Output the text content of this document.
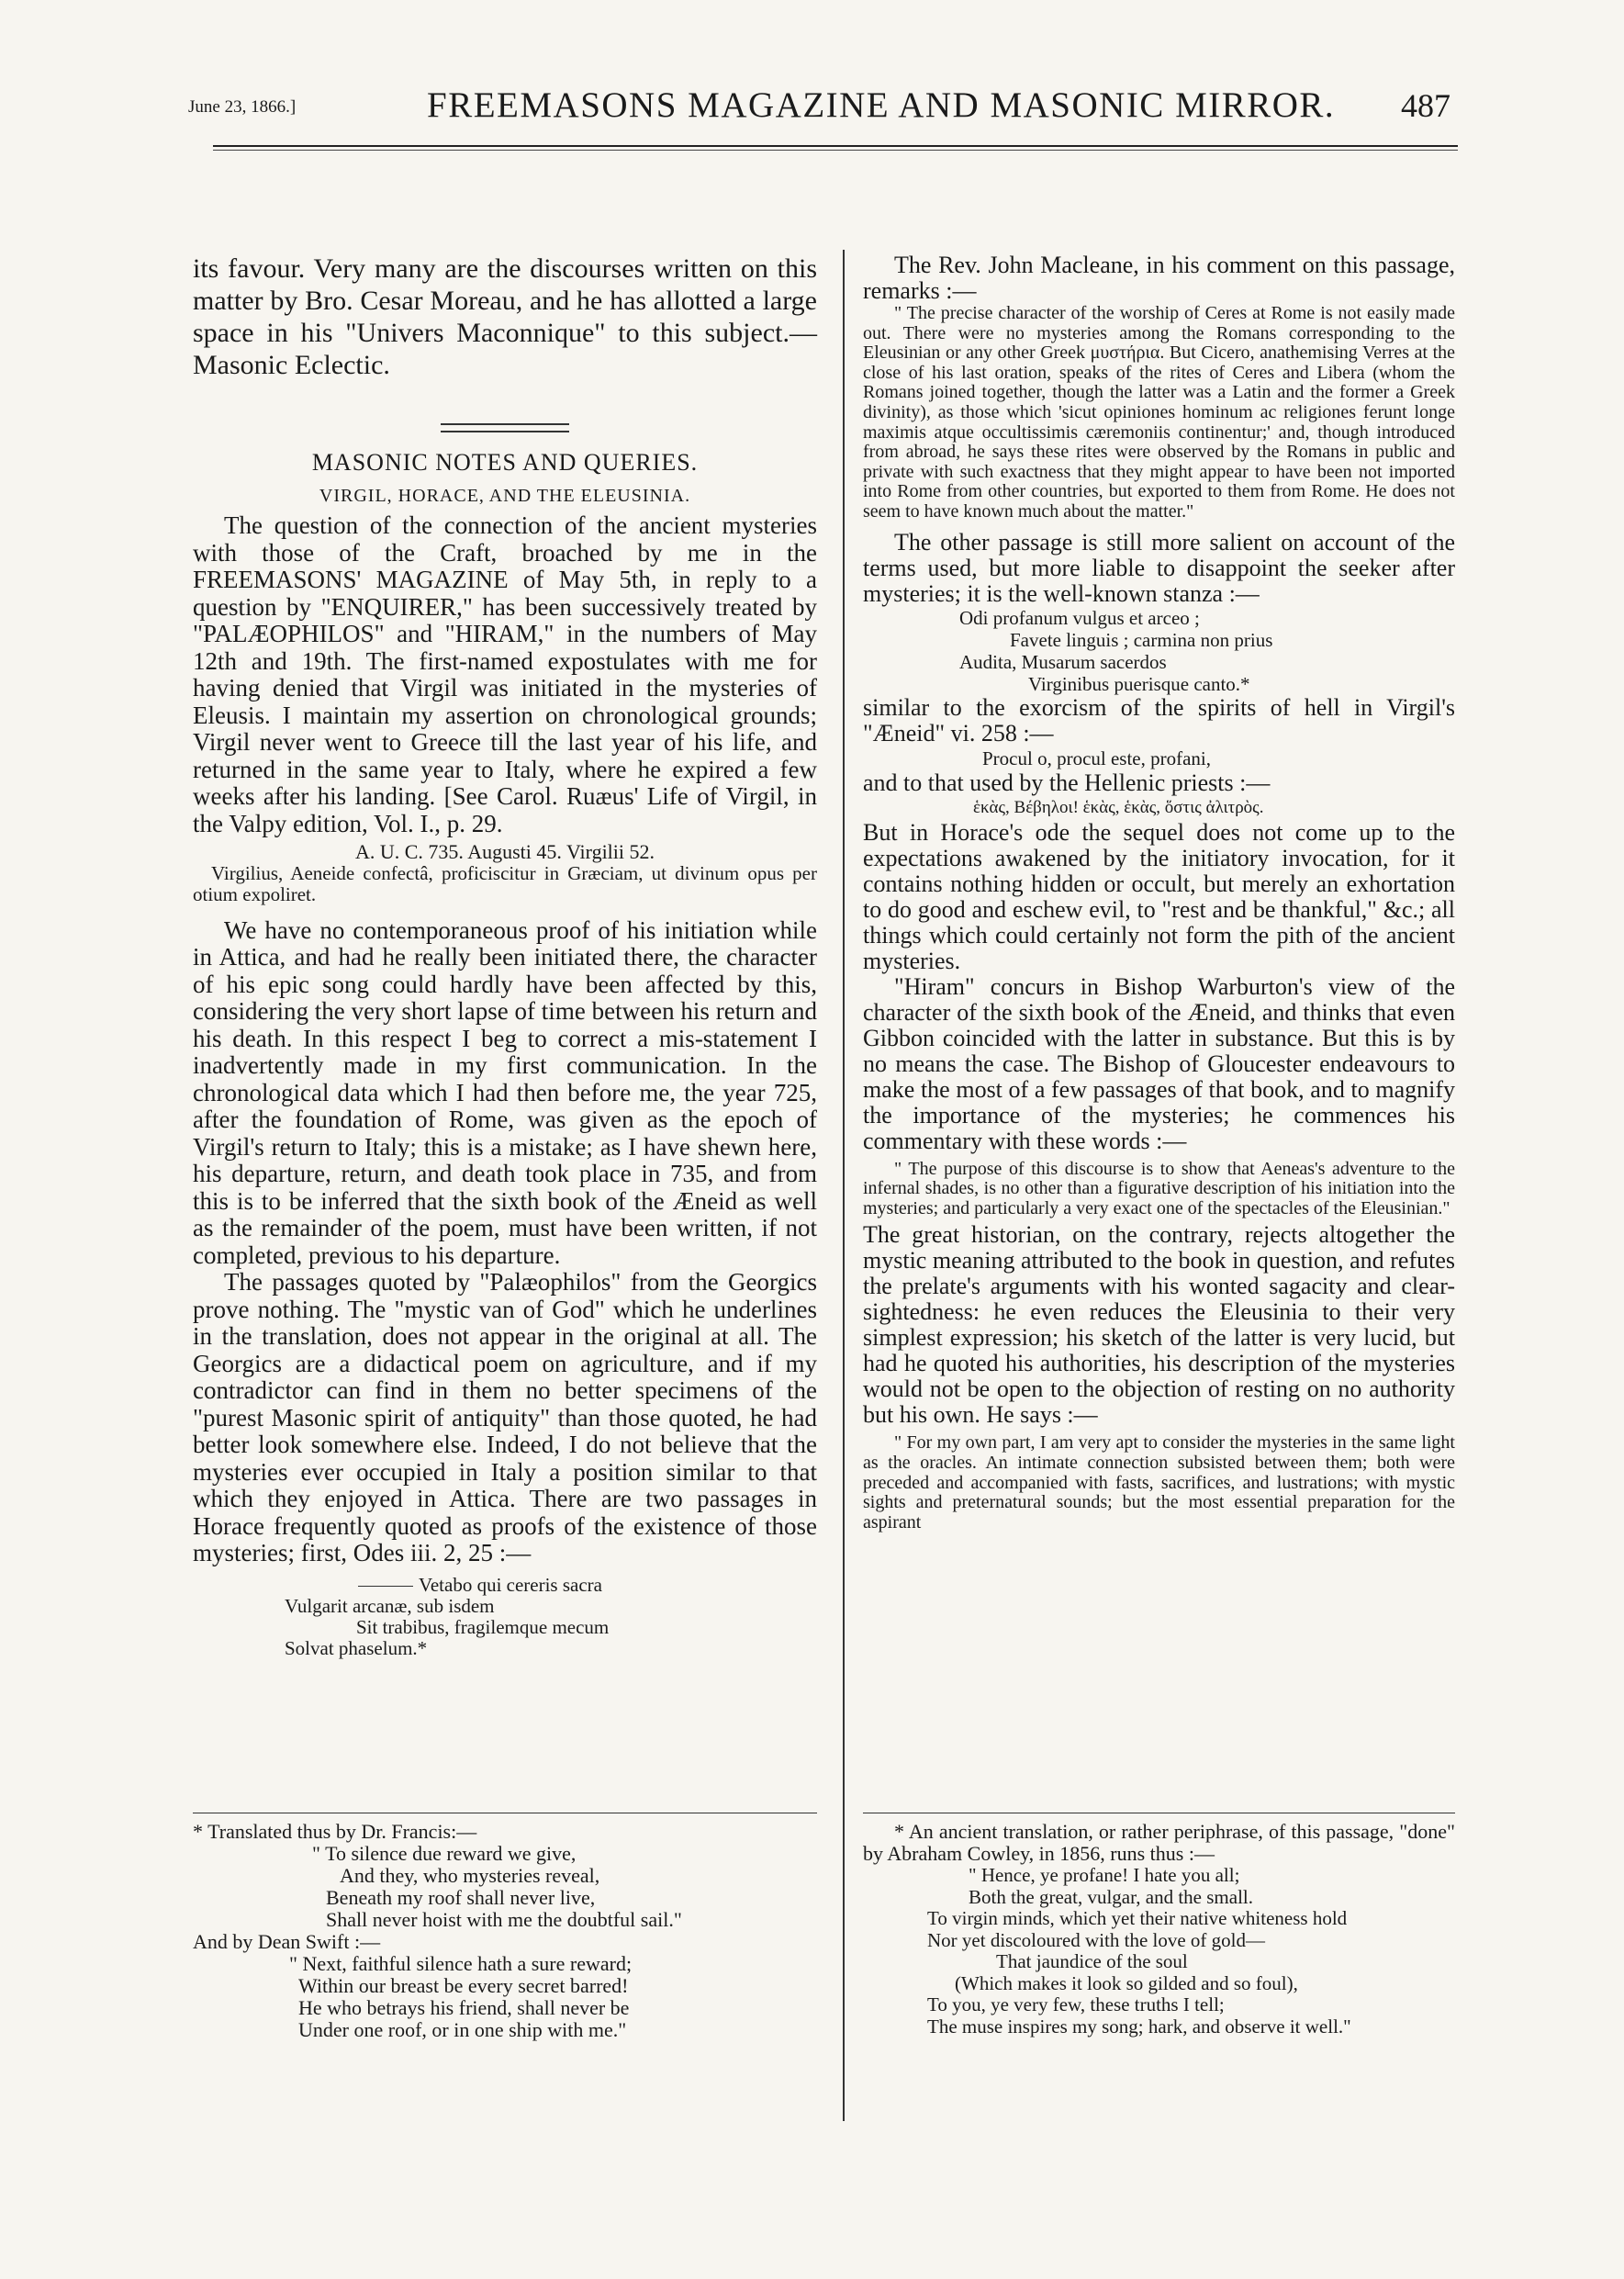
June 23, 1866.]	FREEMASONS MAGAZINE AND MASONIC MIRROR. 487

its favour. Very many are the discourses written on this matter by Bro. Cesar Moreau, and he has allotted a large space in his "Univers Maconnique" to this subject.—Masonic Eclectic.

MASONIC NOTES AND QUERIES.
VIRGIL, HORACE, AND THE ELEUSINIA.

The question of the connection of the ancient mysteries with those of the Craft, broached by me in the FREEMASONS' MAGAZINE of May 5th, in reply to a question by "ENQUIRER," has been successively treated by "PALÆOPHILOS" and "HIRAM," in the numbers of May 12th and 19th. The first-named expostulates with me for having denied that Virgil was initiated in the mysteries of Eleusis. I maintain my assertion on chronological grounds; Virgil never went to Greece till the last year of his life, and returned in the same year to Italy, where he expired a few weeks after his landing. [See Carol. Ruæus' Life of Virgil, in the Valpy edition, Vol. I., p. 29.

A. U. C. 735. Augusti 45. Virgilii 52.

Virgilius, Aeneide confectâ, proficiscitur in Græciam, ut divinum opus per otium expoliret.

We have no contemporaneous proof of his initiation while in Attica, and had he really been initiated there, the character of his epic song could hardly have been affected by this, considering the very short lapse of time between his return and his death. In this respect I beg to correct a mis-statement I inadvertently made in my first communication. In the chronological data which I had then before me, the year 725, after the foundation of Rome, was given as the epoch of Virgil's return to Italy; this is a mistake; as I have shewn here, his departure, return, and death took place in 735, and from this is to be inferred that the sixth book of the Æneid as well as the remainder of the poem, must have been written, if not completed, previous to his departure.

The passages quoted by "Palæophilos" from the Georgics prove nothing. The "mystic van of God" which he underlines in the translation, does not appear in the original at all. The Georgics are a didactical poem on agriculture, and if my contradictor can find in them no better specimens of the "purest Masonic spirit of antiquity" than those quoted, he had better look somewhere else. Indeed, I do not believe that the mysteries ever occupied in Italy a position similar to that which they enjoyed in Attica. There are two passages in Horace frequently quoted as proofs of the existence of those mysteries; first, Odes iii. 2, 25 :—

Vetabo qui cereris sacra
Vulgarit arcanæ, sub isdem
Sit trabibus, fragilemque mecum
Solvat phaselum.*
* Translated thus by Dr. Francis:—
" To silence due reward we give,
And they, who mysteries reveal,
Beneath my roof shall never live,
Shall never hoist with me the doubtful sail."
And by Dean Swift :—
" Next, faithful silence hath a sure reward;
Within our breast be every secret barred!
He who betrays his friend, shall never be
Under one roof, or in one ship with me."

The Rev. John Macleane, in his comment on this passage, remarks :—

" The precise character of the worship of Ceres at Rome is not easily made out. There were no mysteries among the Romans corresponding to the Eleusinian or any other Greek μυστήρια. But Cicero, anathemising Verres at the close of his last oration, speaks of the rites of Ceres and Libera (whom the Romans joined together, though the latter was a Latin and the former a Greek divinity), as those which 'sicut opiniones hominum ac religiones ferunt longe maximis atque occultissimis cæremoniis continentur;' and, though introduced from abroad, he says these rites were observed by the Romans in public and private with such exactness that they might appear to have been not imported into Rome from other countries, but exported to them from Rome. He does not seem to have known much about the matter."

The other passage is still more salient on account of the terms used, but more liable to disappoint the seeker after mysteries; it is the well-known stanza :—

Odi profanum vulgus et arceo ;
Favete linguis ; carmina non prius
Audita, Musarum sacerdos
Virginibus puerisque canto.*

similar to the exorcism of the spirits of hell in Virgil's "Æneid" vi. 258 :—

Procul o, procul este, profani,

and to that used by the Hellenic priests :—

ἑκὰς, Βέβηλοι! ἑκὰς, ἑκὰς, ὅστις ἀλιτρὸς.

But in Horace's ode the sequel does not come up to the expectations awakened by the initiatory invocation, for it contains nothing hidden or occult, but merely an exhortation to do good and eschew evil, to "rest and be thankful," &c.; all things which could certainly not form the pith of the ancient mysteries.

"Hiram" concurs in Bishop Warburton's view of the character of the sixth book of the Æneid, and thinks that even Gibbon coincided with the latter in substance. But this is by no means the case. The Bishop of Gloucester endeavours to make the most of a few passages of that book, and to magnify the importance of the mysteries; he commences his commentary with these words :—

" The purpose of this discourse is to show that Aeneas's adventure to the infernal shades, is no other than a figurative description of his initiation into the mysteries; and particularly a very exact one of the spectacles of the Eleusinian."

The great historian, on the contrary, rejects altogether the mystic meaning attributed to the book in question, and refutes the prelate's arguments with his wonted sagacity and clear-sightedness: he even reduces the Eleusinia to their very simplest expression; his sketch of the latter is very lucid, but had he quoted his authorities, his description of the mysteries would not be open to the objection of resting on no authority but his own. He says :—

" For my own part, I am very apt to consider the mysteries in the same light as the oracles. An intimate connection subsisted between them; both were preceded and accompanied with fasts, sacrifices, and lustrations; with mystic sights and preternatural sounds; but the most essential preparation for the aspirant

* An ancient translation, or rather periphrase, of this passage, "done" by Abraham Cowley, in 1856, runs thus :—

" Hence, ye profane! I hate you all;
Both the great, vulgar, and the small.
To virgin minds, which yet their native whiteness hold
Nor yet discoloured with the love of gold—
That jaundice of the soul
(Which makes it look so gilded and so foul),
To you, ye very few, these truths I tell;
The muse inspires my song; hark, and observe it well."
